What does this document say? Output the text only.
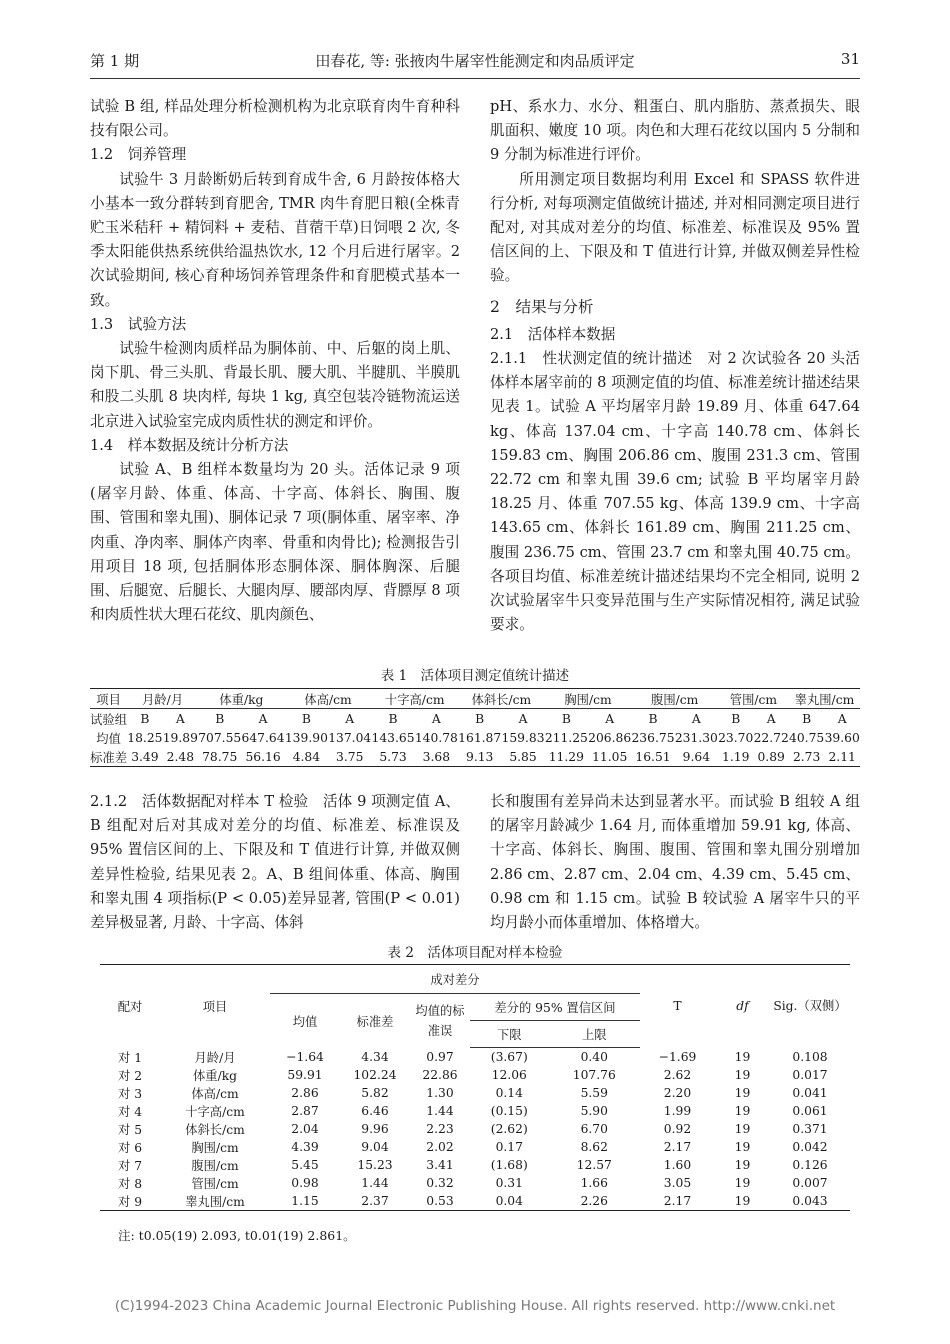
第 1 期	田春花, 等: 张掖肉牛屠宰性能测定和肉品质评定	31

试验 B 组, 样品处理分析检测机构为北京联育肉牛育种科技有限公司。

1.2　饲养管理

试验牛 3 月龄断奶后转到育成牛舍, 6 月龄按体格大小基本一致分群转到育肥舍, TMR 肉牛育肥日粮(全株青贮玉米秸秆 + 精饲料 + 麦秸、苜蓿干草)日饲喂 2 次, 冬季太阳能供热系统供给温热饮水, 12 个月后进行屠宰。2 次试验期间, 核心育种场饲养管理条件和育肥模式基本一致。

1.3　试验方法

试验牛检测肉质样品为胴体前、中、后躯的岗上肌、岗下肌、骨三头肌、背最长肌、腰大肌、半腱肌、半膜肌和股二头肌 8 块肉样, 每块 1 kg, 真空包装冷链物流运送北京进入试验室完成肉质性状的测定和评价。

1.4　样本数据及统计分析方法

试验 A、B 组样本数量均为 20 头。活体记录 9 项(屠宰月龄、体重、体高、十字高、体斜长、胸围、腹围、管围和睾丸围)、胴体记录 7 项(胴体重、屠宰率、净肉重、净肉率、胴体产肉率、骨重和肉骨比); 检测报告引用项目 18 项, 包括胴体形态胴体深、胴体胸深、后腿围、后腿宽、后腿长、大腿肉厚、腰部肉厚、背膘厚 8 项和肉质性状大理石花纹、肌肉颜色、

pH、系水力、水分、粗蛋白、肌内脂肪、蒸煮损失、眼肌面积、嫩度 10 项。肉色和大理石花纹以国内 5 分制和 9 分制为标准进行评价。

所用测定项目数据均利用 Excel 和 SPASS 软件进行分析, 对每项测定值做统计描述, 并对相同测定项目进行配对, 对其成对差分的均值、标准差、标准误及 95% 置信区间的上、下限及和 T 值进行计算, 并做双侧差异性检验。

2　结果与分析

2.1　活体样本数据

2.1.1　性状测定值的统计描述　对 2 次试验各 20 头活体样本屠宰前的 8 项测定值的均值、标准差统计描述结果见表 1。试验 A 平均屠宰月龄 19.89 月、体重 647.64 kg、体高 137.04 cm、十字高 140.78 cm、体斜长 159.83 cm、胸围 206.86 cm、腹围 231.3 cm、管围 22.72 cm 和睾丸围 39.6 cm; 试验 B 平均屠宰月龄 18.25 月、体重 707.55 kg、体高 139.9 cm、十字高 143.65 cm、体斜长 161.89 cm、胸围 211.25 cm、腹围 236.75 cm、管围 23.7 cm 和睾丸围 40.75 cm。各项目均值、标准差统计描述结果均不完全相同, 说明 2 次试验屠宰牛只变异范围与生产实际情况相符, 满足试验要求。

表 1　活体项目测定值统计描述
项目	月龄/月		体重/kg		体高/cm		十字高/cm		体斜长/cm		胸围/cm		腹围/cm		管围/cm		睾丸围/cm	
试验组	B	A	B	A	B	A	B	A	B	A	B	A	B	A	B	A	B	A
均值	18.25	19.89	707.55	647.64	139.90	137.04	143.65	140.78	161.87	159.83	211.25	206.86	236.75	231.30	23.70	22.72	40.75	39.60
标准差	3.49	2.48	78.75	56.16	4.84	3.75	5.73	3.68	9.13	5.85	11.29	11.05	16.51	9.64	1.19	0.89	2.73	2.11

2.1.2　活体数据配对样本 T 检验　活体 9 项测定值 A、B 组配对后对其成对差分的均值、标准差、标准误及 95% 置信区间的上、下限及和 T 值进行计算, 并做双侧差异性检验, 结果见表 2。A、B 组间体重、体高、胸围和睾丸围 4 项指标(P < 0.05)差异显著, 管围(P < 0.01)差异极显著, 月龄、十字高、体斜

长和腹围有差异尚未达到显著水平。而试验 B 组较 A 组的屠宰月龄减少 1.64 月, 而体重增加 59.91 kg, 体高、十字高、体斜长、胸围、腹围、管围和睾丸围分别增加 2.86 cm、2.87 cm、2.04 cm、4.39 cm、5.45 cm、0.98 cm 和 1.15 cm。试验 B 较试验 A 屠宰牛只的平均月龄小而体重增加、体格增大。

表 2　活体项目配对样本检验
配对	项目	成对差分					T	df	Sig.（双侧）
		均值	标准差	均值的标准误	差分的 95% 置信区间				
					下限	上限			
对 1	月龄/月	−1.64	4.34	0.97	(3.67)	0.40	−1.69	19	0.108
对 2	体重/kg	59.91	102.24	22.86	12.06	107.76	2.62	19	0.017
对 3	体高/cm	2.86	5.82	1.30	0.14	5.59	2.20	19	0.041
对 4	十字高/cm	2.87	6.46	1.44	(0.15)	5.90	1.99	19	0.061
对 5	体斜长/cm	2.04	9.96	2.23	(2.62)	6.70	0.92	19	0.371
对 6	胸围/cm	4.39	9.04	2.02	0.17	8.62	2.17	19	0.042
对 7	腹围/cm	5.45	15.23	3.41	(1.68)	12.57	1.60	19	0.126
对 8	管围/cm	0.98	1.44	0.32	0.31	1.66	3.05	19	0.007
对 9	睾丸围/cm	1.15	2.37	0.53	0.04	2.26	2.17	19	0.043
注: t0.05(19) 2.093, t0.01(19) 2.861。
(C)1994-2023 China Academic Journal Electronic Publishing House. All rights reserved. http://www.cnki.net
